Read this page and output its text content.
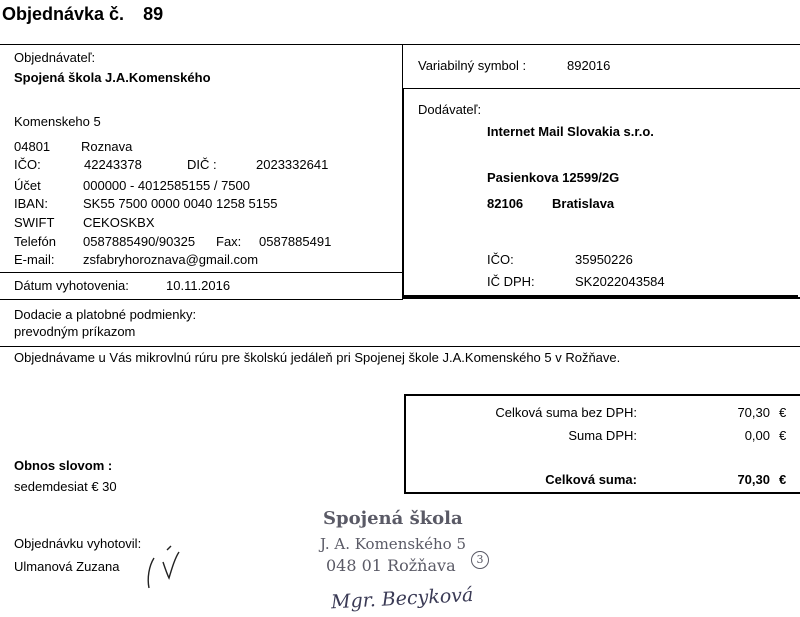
Objednávka č. 89
Objednávateľ:
Spojená škola J.A.Komenského
Komenskeho 5
04801 Roznava
IČO:	42243378	DIČ :	2023332641
Účet	000000 - 4012585155 / 7500
IBAN:	SK55 7500 0000 0040 1258 5155
SWIFT CEKOSKBX
Telefón 0587885490/90325 Fax: 0587885491
E-mail: zsfabryhoroznava@gmail.com
Dátum vyhotovenia:	10.11.2016
Variabilný symbol :	892016
Dodávateľ:
Internet Mail Slovakia s.r.o.
Pasienkova 12599/2G
82106 Bratislava
IČO:	35950226
IČ DPH:	SK2022043584
Dodacie a platobné podmienky:
prevodným príkazom
Objednávame u Vás mikrovlnú rúru pre školskú jedáleň pri Spojenej škole J.A.Komenského 5 v Rožňave.
Celková suma bez DPH:	70,30 €
Suma DPH:	0,00 €
Celková suma:	70,30 €
Obnos slovom :
sedemdesiat € 30
Objednávku vyhotovil:
Ulmanová Zuzana
Spojená škola
J. A. Komenského 5
048 01 Rožňava	3
Mgr. Becyková
